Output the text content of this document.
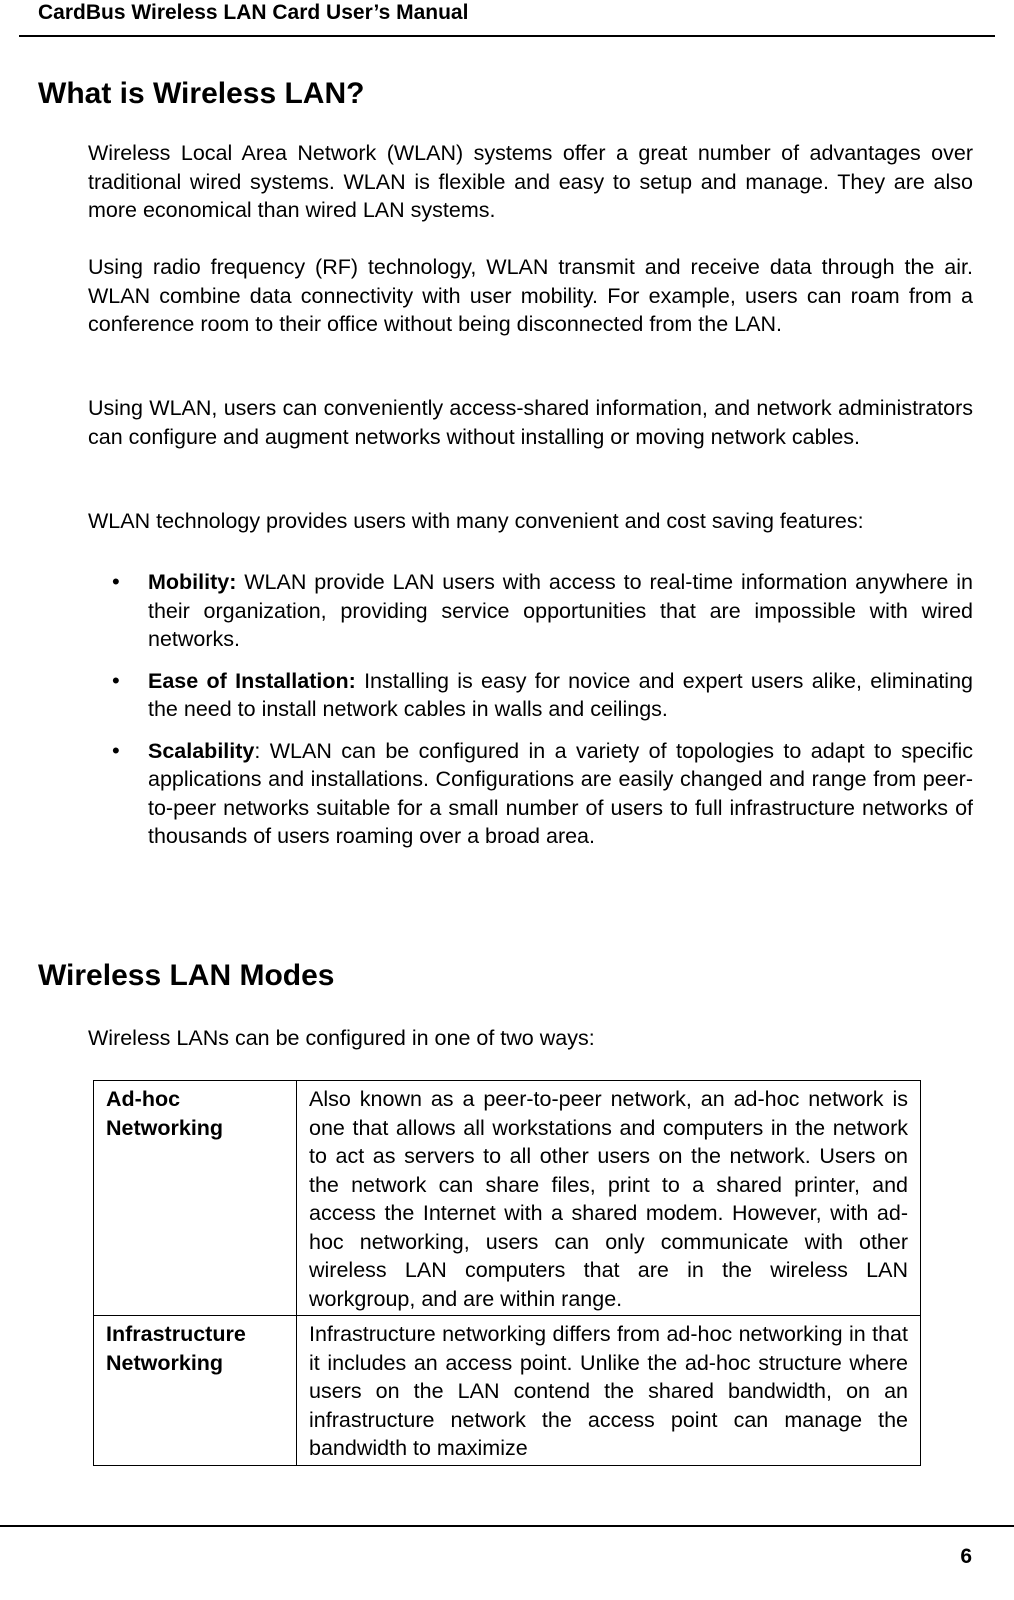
CardBus Wireless LAN Card User’s Manual
What is Wireless LAN?
Wireless Local Area Network (WLAN) systems offer a great number of advantages over traditional wired systems. WLAN is flexible and easy to setup and manage. They are also more economical than wired LAN systems.
Using radio frequency (RF) technology, WLAN transmit and receive data through the air. WLAN combine data connectivity with user mobility. For example, users can roam from a conference room to their office without being disconnected from the LAN.
Using WLAN, users can conveniently access-shared information, and network administrators can configure and augment networks without installing or moving network cables.
WLAN technology provides users with many convenient and cost saving features:
• Mobility: WLAN provide LAN users with access to real-time information anywhere in their organization, providing service opportunities that are impossible with wired networks.
• Ease of Installation: Installing is easy for novice and expert users alike, eliminating the need to install network cables in walls and ceilings.
• Scalability: WLAN can be configured in a variety of topologies to adapt to specific applications and installations. Configurations are easily changed and range from peer-to-peer networks suitable for a small number of users to full infrastructure networks of thousands of users roaming over a broad area.
Wireless LAN Modes
Wireless LANs can be configured in one of two ways:
Ad-hoc
Networking	Also known as a peer-to-peer network, an ad-hoc network is one that allows all workstations and computers in the network to act as servers to all other users on the network. Users on the network can share files, print to a shared printer, and access the Internet with a shared modem. However, with ad-hoc networking, users can only communicate with other wireless LAN computers that are in the wireless LAN workgroup, and are within range.
Infrastructure
Networking	Infrastructure networking differs from ad-hoc networking in that it includes an access point. Unlike the ad-hoc structure where users on the LAN contend the shared bandwidth, on an infrastructure network the access point can manage the bandwidth to maximize
6
